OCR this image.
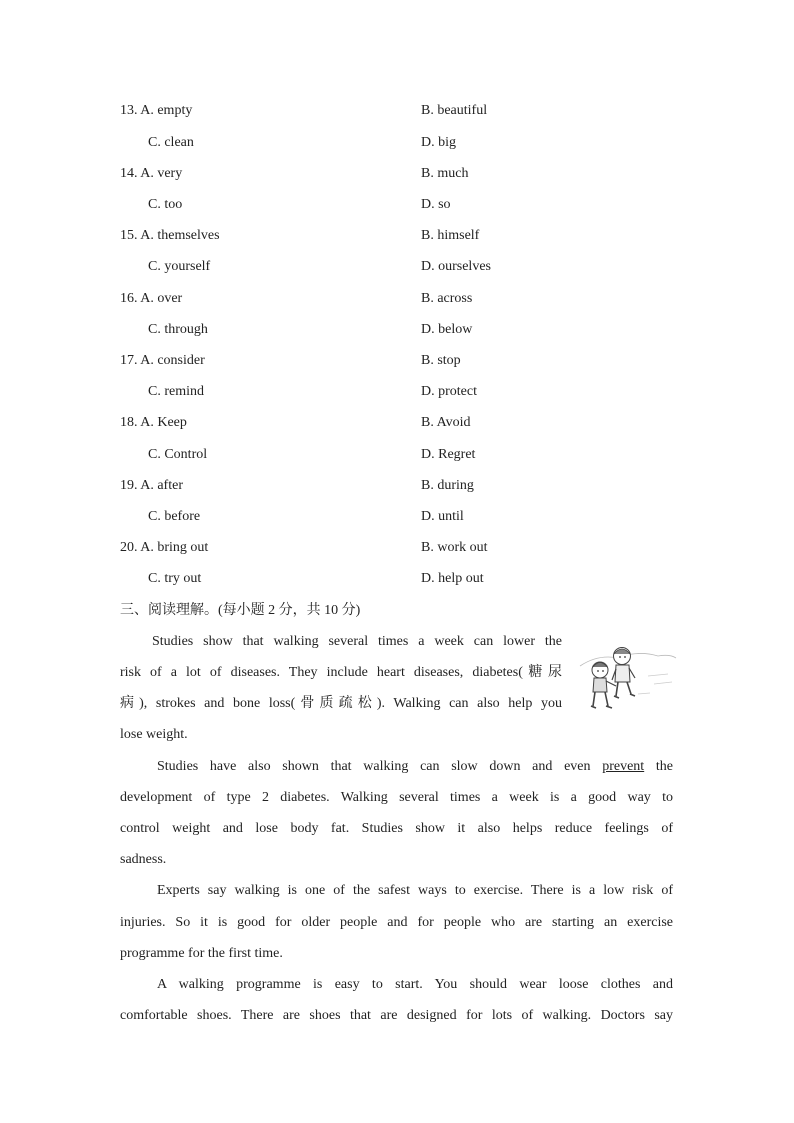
13. A. empty	B. beautiful
C. clean	D. big
14. A. very	B. much
C. too	D. so
15. A. themselves	B. himself
C. yourself	D. ourselves
16. A. over	B. across
C. through	D. below
17. A. consider	B. stop
C. remind	D. protect
18. A. Keep	B. Avoid
C. Control	D. Regret
19. A. after	B. during
C. before	D. until
20. A. bring out	B. work out
C. try out	D. help out
三、阅读理解。(每小题 2 分，共 10 分)
Studies show that walking several times a week can lower the
risk of a lot of diseases. They include heart diseases, diabetes(糖尿
病), strokes and bone loss(骨质疏松). Walking can also help you
lose weight.
Studies have also shown that walking can slow down and even prevent the
development of type 2 diabetes. Walking several times a week is a good way to
control weight and lose body fat. Studies show it also helps reduce feelings of
sadness.
Experts say walking is one of the safest ways to exercise. There is a low risk of
injuries. So it is good for older people and for people who are starting an exercise
programme for the first time.
A walking programme is easy to start. You should wear loose clothes and
comfortable shoes. There are shoes that are designed for lots of walking. Doctors say
